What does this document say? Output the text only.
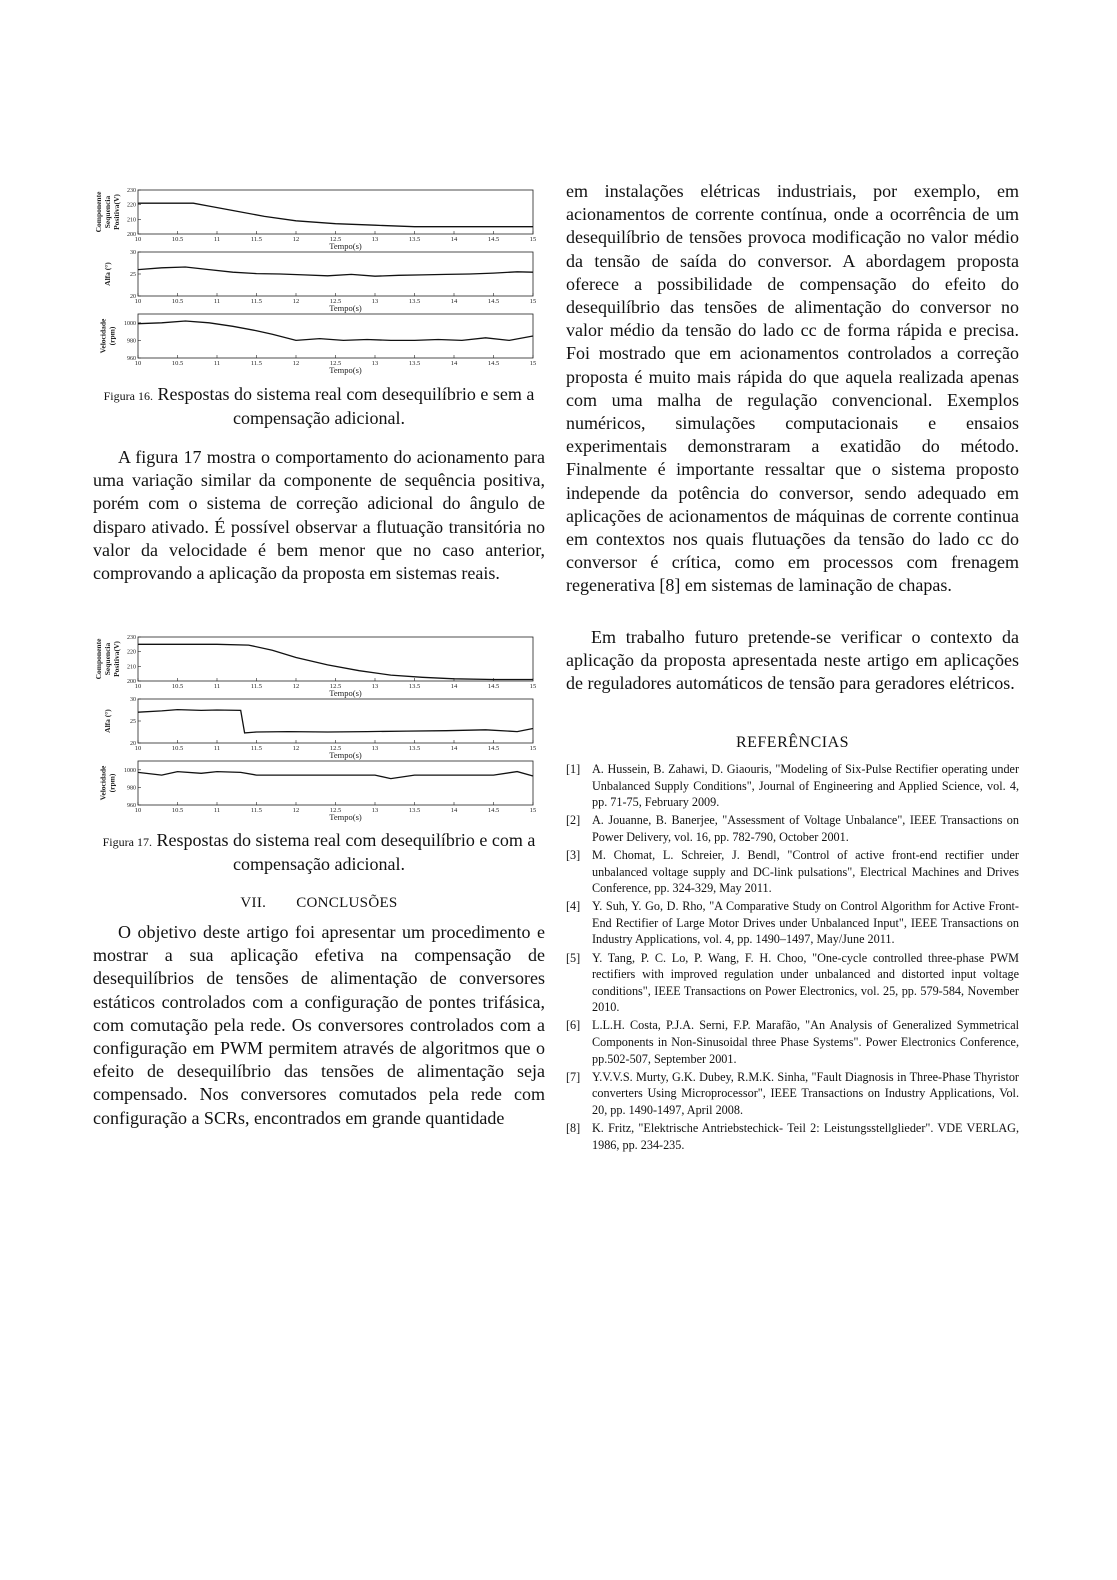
10	10.5	11	11.5	12	12.5	13	13.5	14	14.5	15
230
220
210
200
Tempo(s)
Componente Sequencia Positiva(V)
10	10.5	11	11.5	12	12.5	13	13.5	14	14.5	15
30
25
20
Tempo(s)
Alfa (°)
10	10.5	11	11.5	12	12.5	13	13.5	14	14.5	15
1000
980
960
Tempo(s)
Velocidade (rpm)
Figura 16. Respostas do sistema real com desequilíbrio e sem a compensação adicional.

A figura 17 mostra o comportamento do acionamento para uma variação similar da componente de sequência positiva, porém com o sistema de correção adicional do ângulo de disparo ativado. É possível observar a flutuação transitória no valor da velocidade é bem menor que no caso anterior, comprovando a aplicação da proposta em sistemas reais.

10	10.5	11	11.5	12	12.5	13	13.5	14	14.5	15
230
220
210
200
Tempo(s)
Componente Sequencia Positiva(V)
10	10.5	11	11.5	12	12.5	13	13.5	14	14.5	15
30
25
20
Tempo(s)
Alfa (°)
10	10.5	11	11.5	12	12.5	13	13.5	14	14.5	15
1000
980
960
Tempo(s)
Velocidade (rpm)
Figura 17. Respostas do sistema real com desequilíbrio e com a compensação adicional.
VII. CONCLUSÕES

O objetivo deste artigo foi apresentar um procedimento e mostrar a sua aplicação efetiva na compensação de desequilíbrios de tensões de alimentação de conversores estáticos controlados com a configuração de pontes trifásica, com comutação pela rede. Os conversores controlados com a configuração em PWM permitem através de algoritmos que o efeito de desequilíbrio das tensões de alimentação seja compensado. Nos conversores comutados pela rede com configuração a SCRs, encontrados em grande quantidade

em instalações elétricas industriais, por exemplo, em acionamentos de corrente contínua, onde a ocorrência de um desequilíbrio de tensões provoca modificação no valor médio da tensão de saída do conversor. A abordagem proposta oferece a possibilidade de compensação do efeito do desequilíbrio das tensões de alimentação do conversor no valor médio da tensão do lado cc de forma rápida e precisa. Foi mostrado que em acionamentos controlados a correção proposta é muito mais rápida do que aquela realizada apenas com uma malha de regulação convencional. Exemplos numéricos, simulações computacionais e ensaios experimentais demonstraram a exatidão do método. Finalmente é importante ressaltar que o sistema proposto independe da potência do conversor, sendo adequado em aplicações de acionamentos de máquinas de corrente continua em contextos nos quais flutuações da tensão do lado cc do conversor é crítica, como em processos com frenagem regenerativa [8] em sistemas de laminação de chapas.

Em trabalho futuro pretende-se verificar o contexto da aplicação da proposta apresentada neste artigo em aplicações de reguladores automáticos de tensão para geradores elétricos.

REFERÊNCIAS
[1] A. Hussein, B. Zahawi, D. Giaouris, "Modeling of Six-Pulse Rectifier operating under Unbalanced Supply Conditions", Journal of Engineering and Applied Science, vol. 4, pp. 71-75, February 2009.
[2] A. Jouanne, B. Banerjee, "Assessment of Voltage Unbalance", IEEE Transactions on Power Delivery, vol. 16, pp. 782-790, October 2001.
[3] M. Chomat, L. Schreier, J. Bendl, "Control of active front-end rectifier under unbalanced voltage supply and DC-link pulsations", Electrical Machines and Drives Conference, pp. 324-329, May 2011.
[4] Y. Suh, Y. Go, D. Rho, "A Comparative Study on Control Algorithm for Active Front-End Rectifier of Large Motor Drives under Unbalanced Input", IEEE Transactions on Industry Applications, vol. 4, pp. 1490–1497, May/June 2011.
[5] Y. Tang, P. C. Lo, P. Wang, F. H. Choo, "One-cycle controlled three-phase PWM rectifiers with improved regulation under unbalanced and distorted input voltage conditions", IEEE Transactions on Power Electronics, vol. 25, pp. 579-584, November 2010.
[6] L.L.H. Costa, P.J.A. Serni, F.P. Marafão, "An Analysis of Generalized Symmetrical Components in Non-Sinusoidal three Phase Systems". Power Electronics Conference, pp.502-507, September 2001.
[7] Y.V.V.S. Murty, G.K. Dubey, R.M.K. Sinha, "Fault Diagnosis in Three-Phase Thyristor converters Using Microprocessor", IEEE Transactions on Industry Applications, Vol. 20, pp. 1490-1497, April 2008.
[8] K. Fritz, "Elektrische Antriebstechick- Teil 2: Leistungsstellglieder". VDE VERLAG, 1986, pp. 234-235.
